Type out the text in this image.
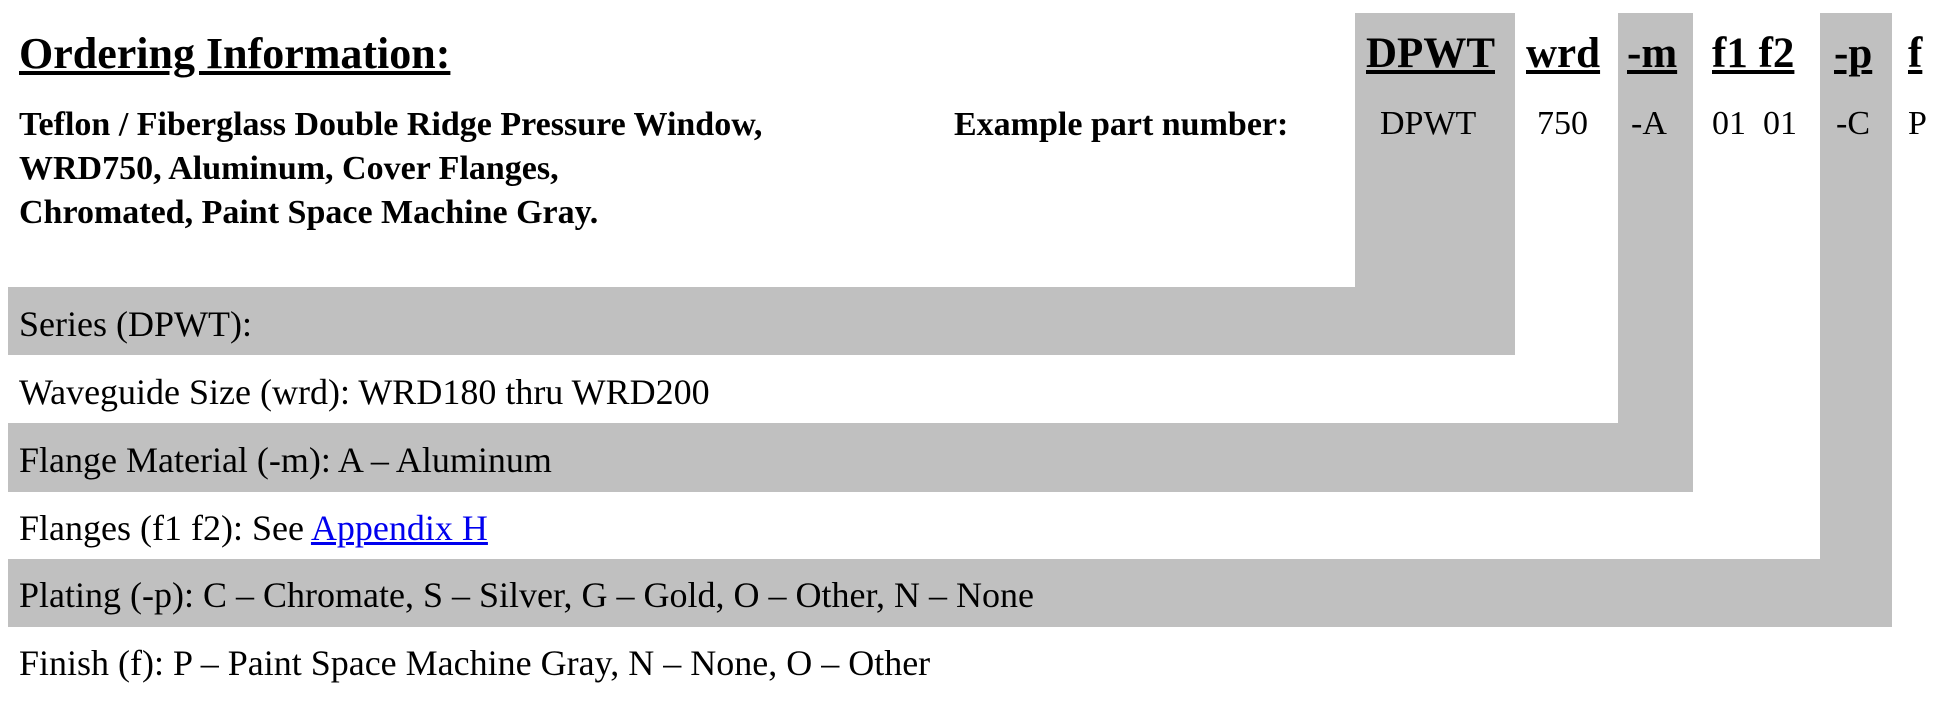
Ordering Information:
Teflon / Fiberglass Double Ridge Pressure Window,
WRD750, Aluminum, Cover Flanges,
Chromated, Paint Space Machine Gray.
Example part number:
DPWT wrd -m f1 f2 -p f
DPWT 750 -A 01  01 -C P
Series (DPWT):
Waveguide Size (wrd): WRD180 thru WRD200
Flange Material (-m): A – Aluminum
Flanges (f1 f2): See Appendix H
Plating (-p): C – Chromate, S – Silver, G – Gold, O – Other, N – None
Finish (f): P – Paint Space Machine Gray, N – None, O – Other
